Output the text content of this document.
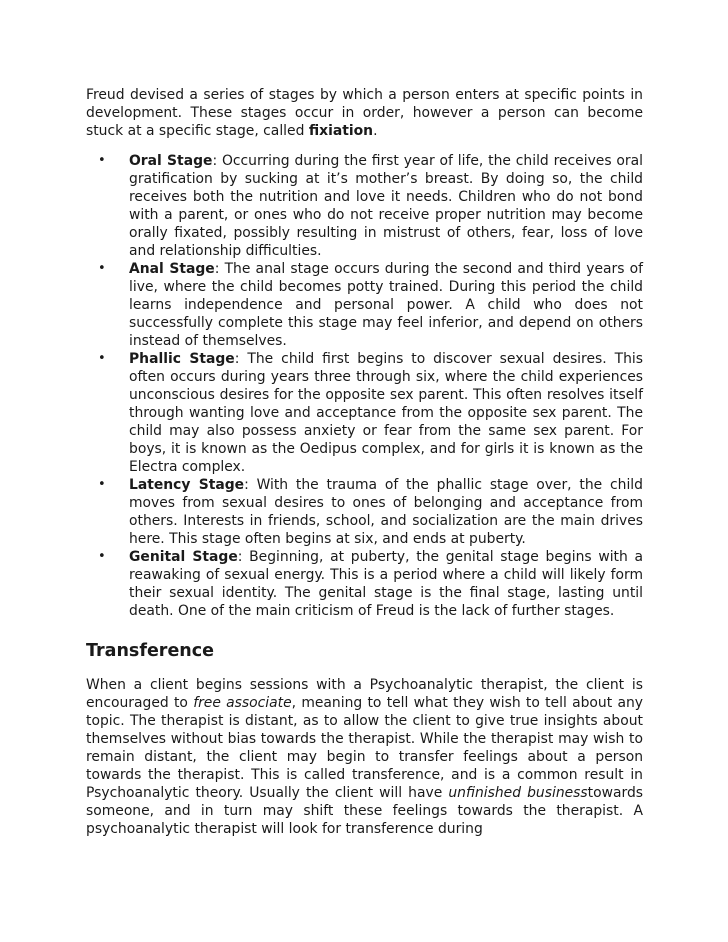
Freud devised a series of stages by which a person enters at specific points in development. These stages occur in order, however a person can become stuck at a specific stage, called fixiation.

• Oral Stage: Occurring during the first year of life, the child receives oral gratification by sucking at it’s mother’s breast. By doing so, the child receives both the nutrition and love it needs. Children who do not bond with a parent, or ones who do not receive proper nutrition may become orally fixated, possibly resulting in mistrust of others, fear, loss of love and relationship difficulties.
• Anal Stage: The anal stage occurs during the second and third years of live, where the child becomes potty trained. During this period the child learns independence and personal power. A child who does not successfully complete this stage may feel inferior, and depend on others instead of themselves.
• Phallic Stage: The child first begins to discover sexual desires. This often occurs during years three through six, where the child experiences unconscious desires for the opposite sex parent. This often resolves itself through wanting love and acceptance from the opposite sex parent. The child may also possess anxiety or fear from the same sex parent. For boys, it is known as the Oedipus complex, and for girls it is known as the Electra complex.
• Latency Stage: With the trauma of the phallic stage over, the child moves from sexual desires to ones of belonging and acceptance from others. Interests in friends, school, and socialization are the main drives here. This stage often begins at six, and ends at puberty.
• Genital Stage: Beginning, at puberty, the genital stage begins with a reawaking of sexual energy. This is a period where a child will likely form their sexual identity. The genital stage is the final stage, lasting until death. One of the main criticism of Freud is the lack of further stages.
Transference

When a client begins sessions with a Psychoanalytic therapist, the client is encouraged to free associate, meaning to tell what they wish to tell about any topic. The therapist is distant, as to allow the client to give true insights about themselves without bias towards the therapist. While the therapist may wish to remain distant, the client may begin to transfer feelings about a person towards the therapist. This is called transference, and is a common result in Psychoanalytic theory. Usually the client will have unfinished businesstowards someone, and in turn may shift these feelings towards the therapist. A psychoanalytic therapist will look for transference during
